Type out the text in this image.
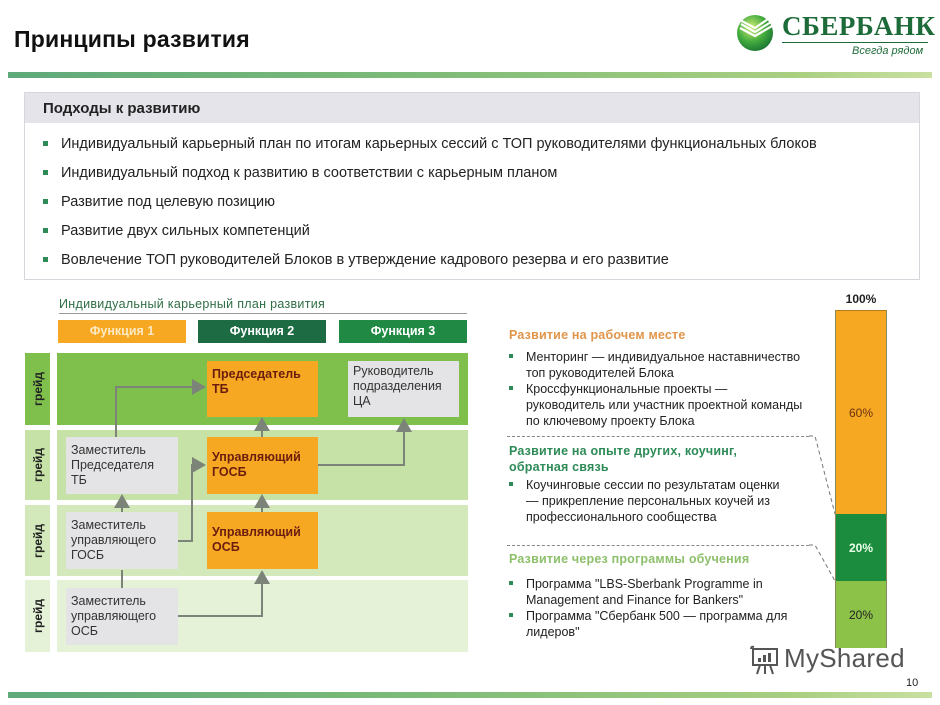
Принципы развития	СБЕРБАНК
Всегда рядом
Подходы к развитию
Индивидуальный карьерный план по итогам карьерных сессий с ТОП руководителями функциональных блоков
Индивидуальный подход к развитию в соответствии с карьерным планом
Развитие под целевую позицию
Развитие двух сильных компетенций
Вовлечение ТОП руководителей Блоков в утверждение кадрового резерва и его развитие
Индивидуальный карьерный план развития
Функция 1	Функция 2	Функция 3
грейд
грейд
грейд
грейд
Председатель ТБ
Руководитель подразделения ЦА
Заместитель Председателя ТБ
Управляющий ГОСБ
Заместитель управляющего ГОСБ
Управляющий ОСБ
Заместитель управляющего ОСБ
Развитие на рабочем месте
Менторинг — индивидуальное наставничество топ руководителей Блока
Кроссфункциональные проекты — руководитель или участник проектной команды по ключевому проекту Блока
Развитие на опыте других, коучинг, обратная связь
Коучинговые сессии по результатам оценки — прикрепление персональных коучей из профессионального сообщества
Развитие через программы обучения
Программа "LBS-Sberbank Programme in Management and Finance for Bankers"
Программа "Сбербанк 500 — программа для лидеров"
100%
60%
20%
20%
MyShared
10
